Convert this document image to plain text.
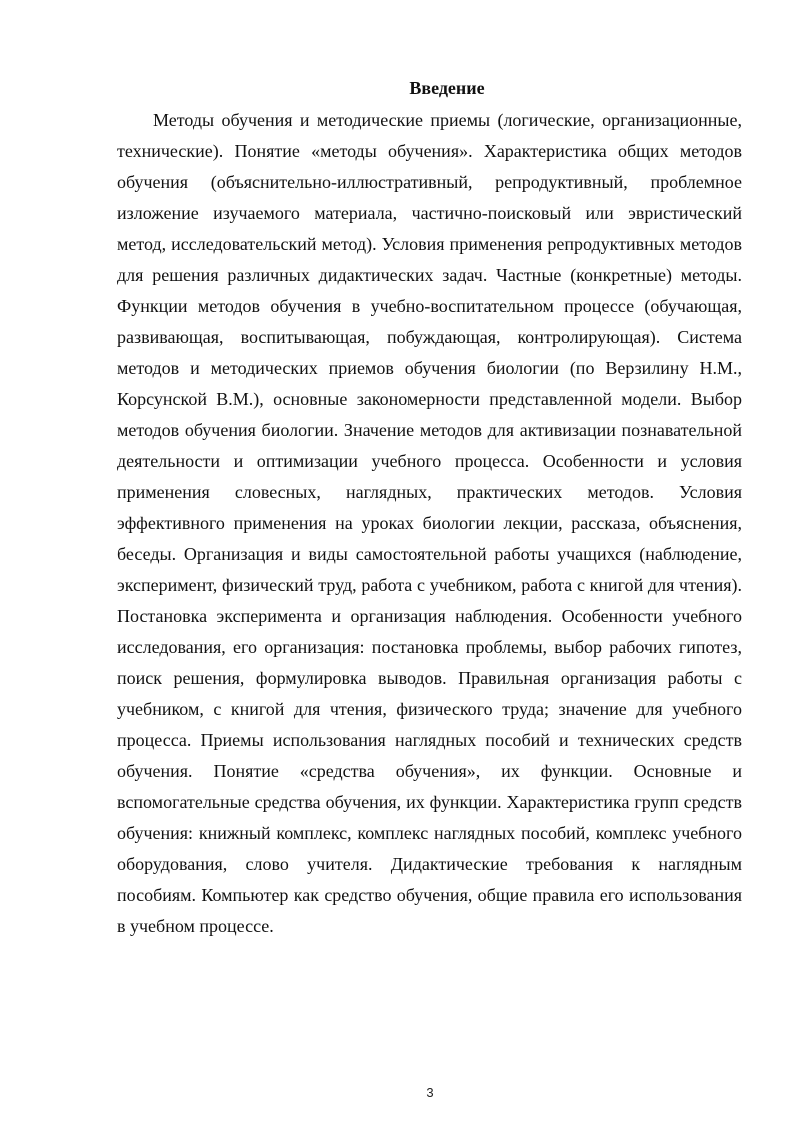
Введение

Методы обучения и методические приемы (логические, организационные, технические). Понятие «методы обучения». Характеристика общих методов обучения (объяснительно-иллюстративный, репродуктивный, проблемное изложение изучаемого материала, частично-поисковый или эвристический метод, исследовательский метод). Условия применения репродуктивных методов для решения различных дидактических задач. Частные (конкретные) методы. Функции методов обучения в учебно-воспитательном процессе (обучающая, развивающая, воспитывающая, побуждающая, контролирующая). Система методов и методических приемов обучения биологии (по Верзилину Н.М., Корсунской В.М.), основные закономерности представленной модели. Выбор методов обучения биологии. Значение методов для активизации познавательной деятельности и оптимизации учебного процесса. Особенности и условия применения словесных, наглядных, практических методов. Условия эффективного применения на уроках биологии лекции, рассказа, объяснения, беседы. Организация и виды самостоятельной работы учащихся (наблюдение, эксперимент, физический труд, работа с учебником, работа с книгой для чтения). Постановка эксперимента и организация наблюдения. Особенности учебного исследования, его организация: постановка проблемы, выбор рабочих гипотез, поиск решения, формулировка выводов. Правильная организация работы с учебником, с книгой для чтения, физического труда; значение для учебного процесса. Приемы использования наглядных пособий и технических средств обучения. Понятие «средства обучения», их функции. Основные и вспомогательные средства обучения, их функции. Характеристика групп средств обучения: книжный комплекс, комплекс наглядных пособий, комплекс учебного оборудования, слово учителя. Дидактические требования к наглядным пособиям. Компьютер как средство обучения, общие правила его использования в учебном процессе.

3
